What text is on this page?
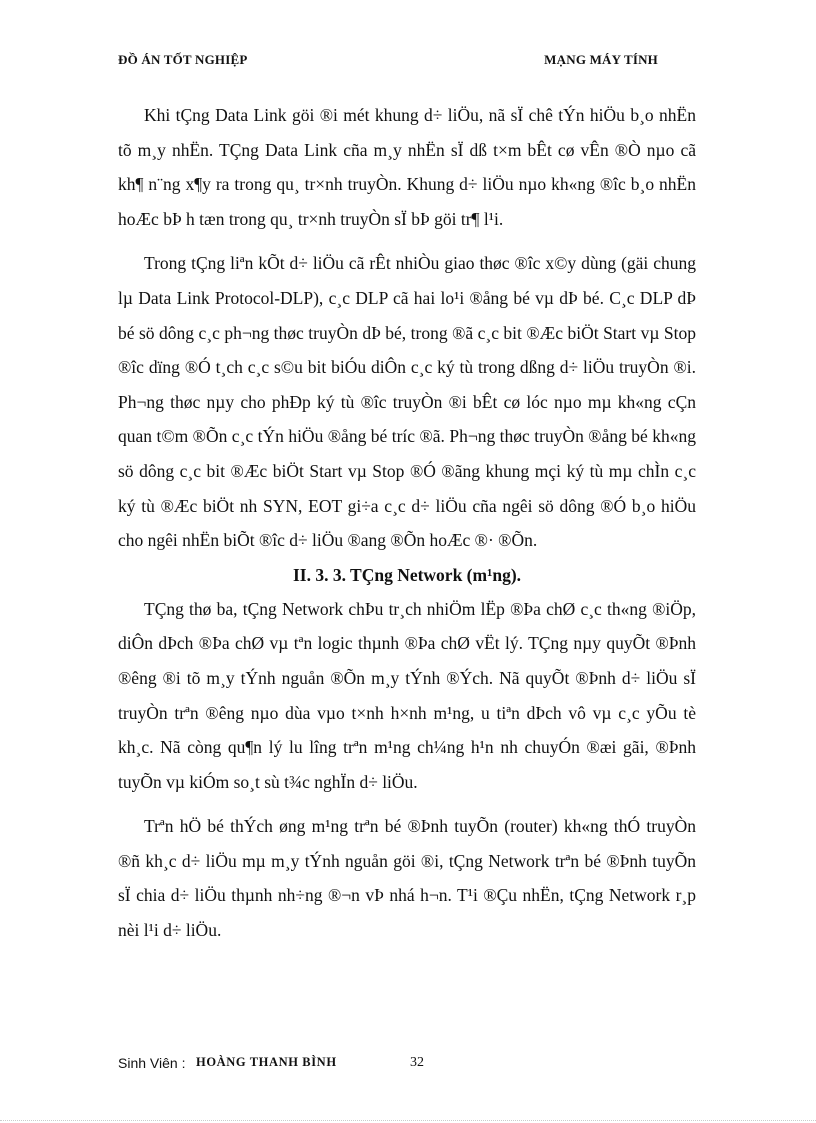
ĐỒ ÁN TỐT NGHIỆP	MẠNG MÁY TÍNH

Khi tÇng Data Link göi ®i mét khung d÷ liÖu, nã sÏ chê tÝn hiÖu b¸o nhËn tõ m¸y nhËn. TÇng Data Link cña m¸y nhËn sÏ dß t×m bÊt cø vÊn ®Ò nµo cã kh¶ n¨ng x¶y ra trong qu¸ tr×nh truyÒn. Khung d÷ liÖu nµo kh«ng ®îc b¸o nhËn hoÆc bÞ h tæn trong qu¸ tr×nh truyÒn sÏ bÞ göi tr¶ l¹i.

Trong tÇng liªn kÕt d÷ liÖu cã rÊt nhiÒu giao thøc ®îc x©y dùng (gäi chung lµ Data Link Protocol-DLP), c¸c DLP cã hai lo¹i ®ång bé vµ dÞ bé. C¸c DLP dÞ bé sö dông c¸c ph¬ng thøc truyÒn dÞ bé, trong ®ã c¸c bit ®Æc biÖt Start vµ Stop ®îc dïng ®Ó t¸ch c¸c s©u bit biÓu diÔn c¸c ký tù trong dßng d÷ liÖu truyÒn ®i. Ph¬ng thøc nµy cho phÐp ký tù ®îc truyÒn ®i bÊt cø lóc nµo mµ kh«ng cÇn quan t©m ®Õn c¸c tÝn hiÖu ®ång bé tríc ®ã. Ph¬ng thøc truyÒn ®ång bé kh«ng sö dông c¸c bit ®Æc biÖt Start vµ Stop ®Ó ®ãng khung mçi ký tù mµ chÌn c¸c ký tù ®Æc biÖt nh SYN, EOT gi÷a c¸c d÷ liÖu cña ngêi sö dông ®Ó b¸o hiÖu cho ngêi nhËn biÕt ®îc d÷ liÖu ®ang ®Õn hoÆc ®· ®Õn.

II. 3. 3. TÇng Network (m¹ng).

TÇng thø ba, tÇng Network chÞu tr¸ch nhiÖm lËp ®Þa chØ c¸c th«ng ®iÖp, diÔn dÞch ®Þa chØ vµ tªn logic thµnh ®Þa chØ vËt lý. TÇng nµy quyÕt ®Þnh ®êng ®i tõ m¸y tÝnh nguån ®Õn m¸y tÝnh ®Ých. Nã quyÕt ®Þnh d÷ liÖu sÏ truyÒn trªn ®êng nµo dùa vµo t×nh h×nh m¹ng, u tiªn dÞch vô vµ c¸c yÕu tè kh¸c. Nã còng qu¶n lý lu lîng trªn m¹ng ch¼ng h¹n nh chuyÓn ®æi gãi, ®Þnh tuyÕn vµ kiÓm so¸t sù t¾c nghÏn d÷ liÖu.

Trªn hÖ bé thÝch øng m¹ng trªn bé ®Þnh tuyÕn (router) kh«ng thÓ truyÒn ®ñ kh¸c d÷ liÖu mµ m¸y tÝnh nguån göi ®i, tÇng Network trªn bé ®Þnh tuyÕn sÏ chia d÷ liÖu thµnh nh÷ng ®¬n vÞ nhá h¬n. T¹i ®Çu nhËn, tÇng Network r¸p nèi l¹i d÷ liÖu.

Sinh Viên : HOÀNG THANH BÌNH	32
